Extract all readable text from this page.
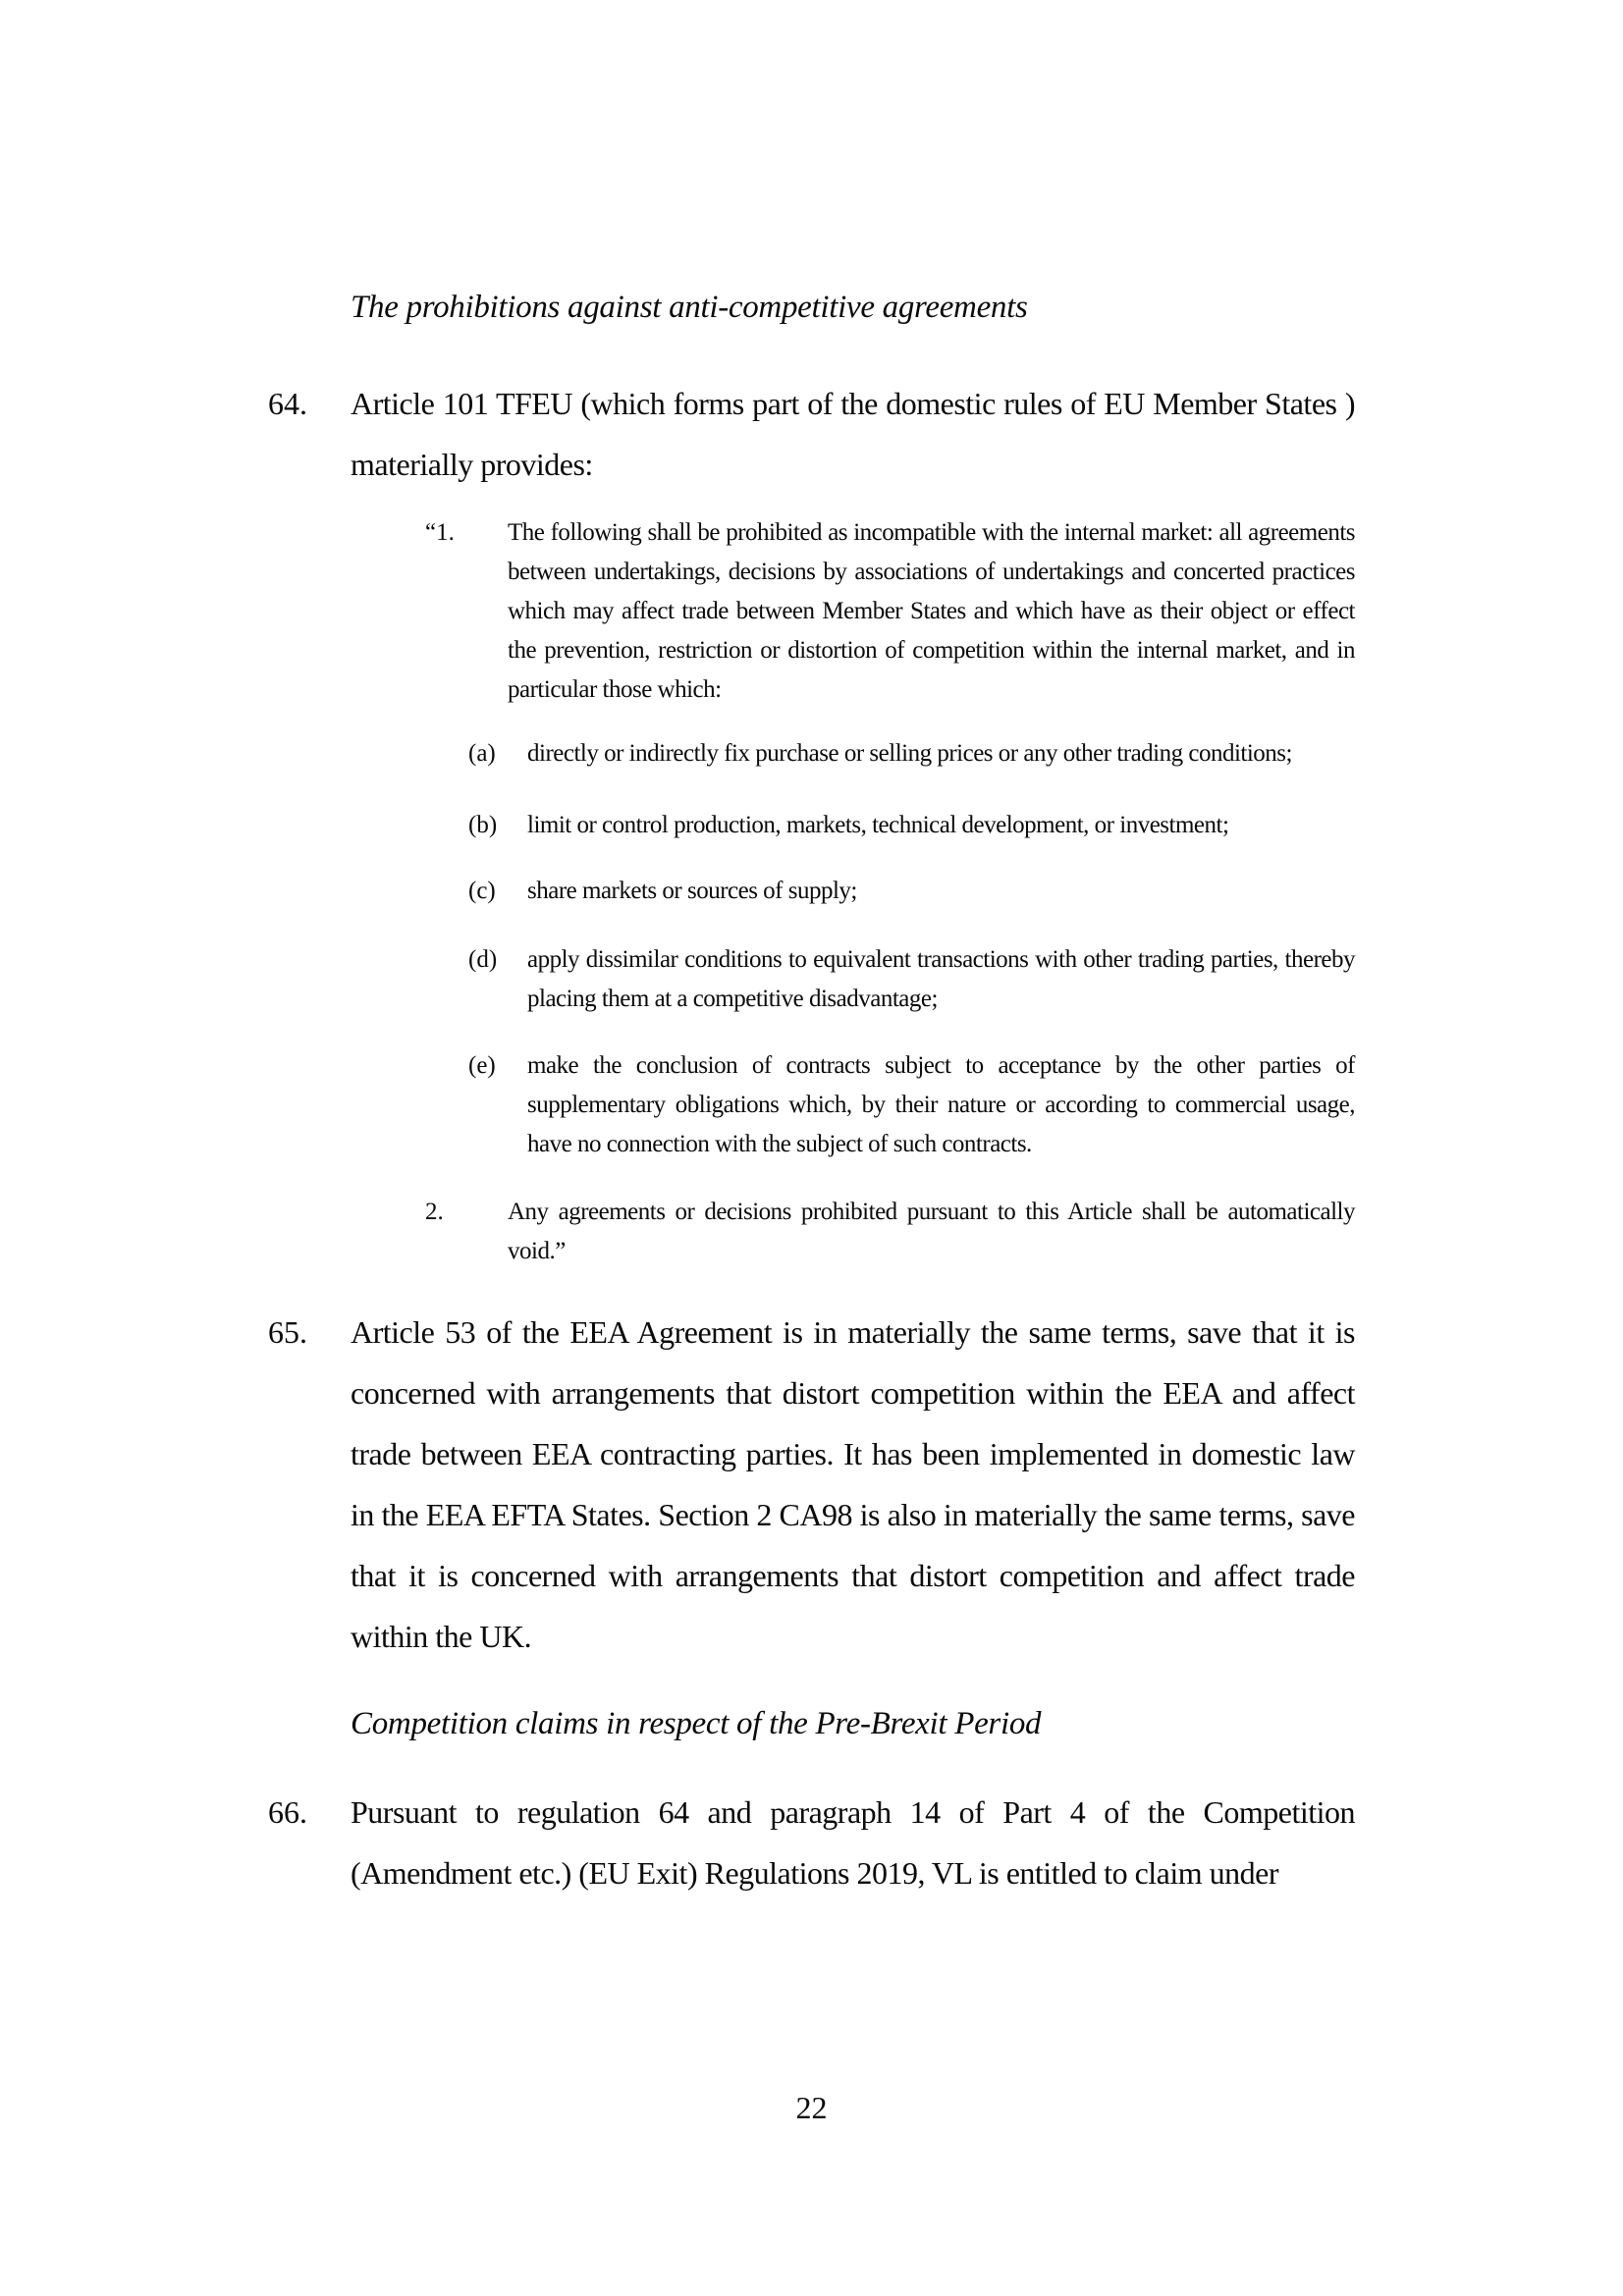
The prohibitions against anti-competitive agreements
64.	Article 101 TFEU (which forms part of the domestic rules of EU Member States ) materially provides:
“1.	The following shall be prohibited as incompatible with the internal market: all agreements between undertakings, decisions by associations of undertakings and concerted practices which may affect trade between Member States and which have as their object or effect the prevention, restriction or distortion of competition within the internal market, and in particular those which:
(a)	directly or indirectly fix purchase or selling prices or any other trading conditions;
(b)	limit or control production, markets, technical development, or investment;
(c)	share markets or sources of supply;
(d)	apply dissimilar conditions to equivalent transactions with other trading parties, thereby placing them at a competitive disadvantage;
(e)	make the conclusion of contracts subject to acceptance by the other parties of supplementary obligations which, by their nature or according to commercial usage, have no connection with the subject of such contracts.
2.	Any agreements or decisions prohibited pursuant to this Article shall be automatically void.”
65.	Article 53 of the EEA Agreement is in materially the same terms, save that it is concerned with arrangements that distort competition within the EEA and affect trade between EEA contracting parties. It has been implemented in domestic law in the EEA EFTA States. Section 2 CA98 is also in materially the same terms, save that it is concerned with arrangements that distort competition and affect trade within the UK.
Competition claims in respect of the Pre-Brexit Period
66.	Pursuant to regulation 64 and paragraph 14 of Part 4 of the Competition (Amendment etc.) (EU Exit) Regulations 2019, VL is entitled to claim under
22
